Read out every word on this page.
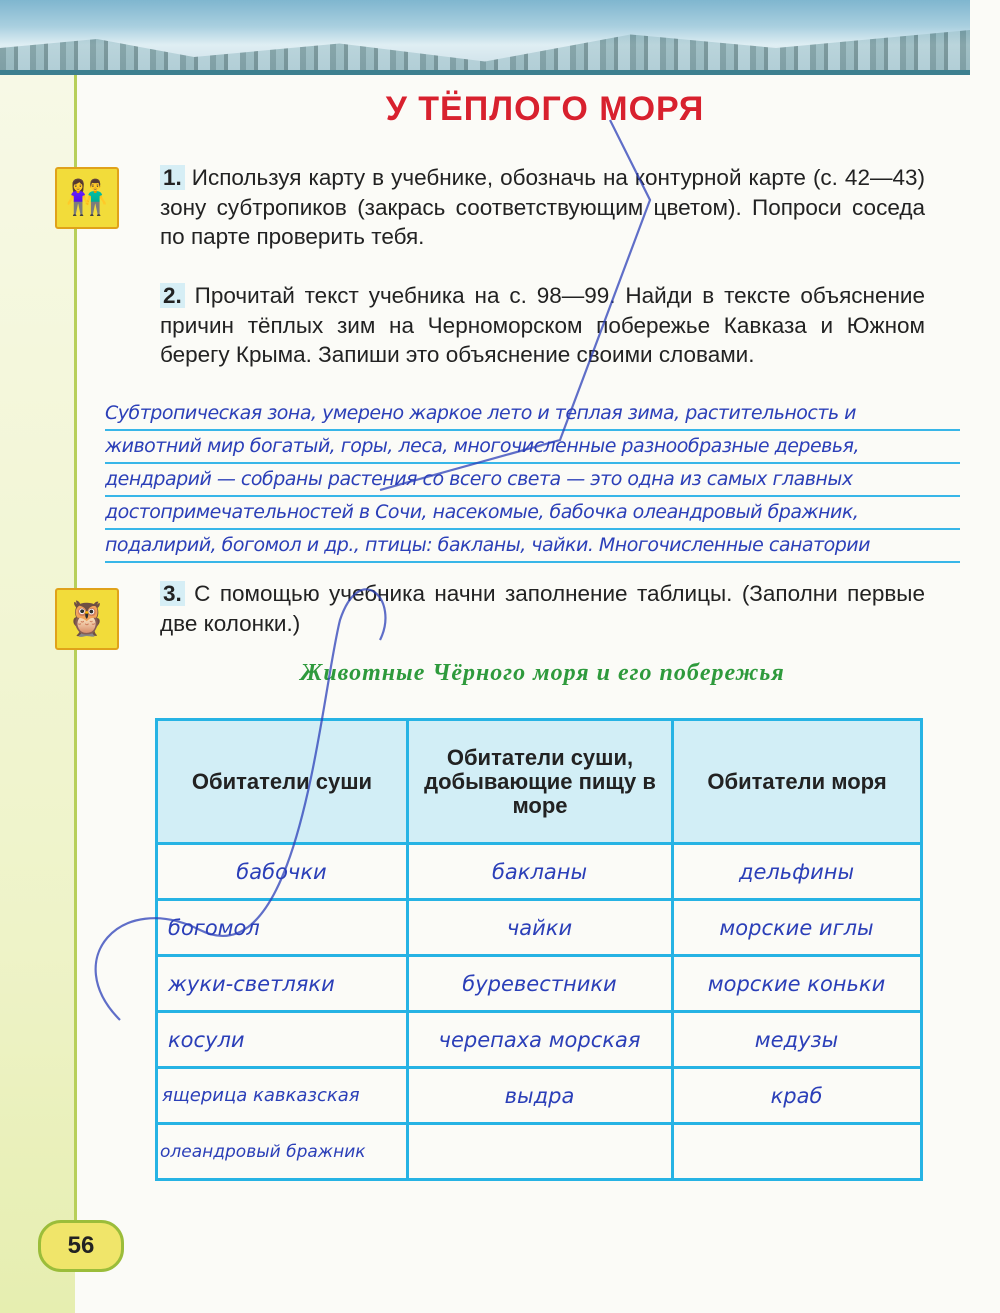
👫
🦉
56
У ТЁПЛОГО МОРЯ
1. Используя карту в учебнике, обозначь на контурной карте (с. 42—43) зону субтропиков (закрась соответствующим цветом). Попроси соседа по парте проверить тебя.
2. Прочитай текст учебника на с. 98—99. Найди в тексте объяснение причин тёплых зим на Черноморском побережье Кавказа и Южном берегу Крыма. Запиши это объяснение своими словами.
Субтропическая зона, умерено жаркое лето и теплая зима, растительность и
животний мир богатый, горы, леса, многочисленные разнообразные деревья,
дендрарий — собраны растения со всего света — это одна из самых главных
достопримечательностей в Сочи, насекомые, бабочка олеандровый бражник,
подалирий, богомол и др., птицы: бакланы, чайки. Многочисленные санатории
3. С помощью учебника начни заполнение таблицы. (Заполни первые две колонки.)
Животные Чёрного моря и его побережья
Обитатели суши	Обитатели суши, добывающие пищу в море	Обитатели моря
бабочки	бакланы	дельфины
богомол	чайки	морские иглы
жуки-светляки	буревестники	морские коньки
косули	черепаха морская	медузы
ящерица кавказская	выдра	краб
олеандровый бражник		
